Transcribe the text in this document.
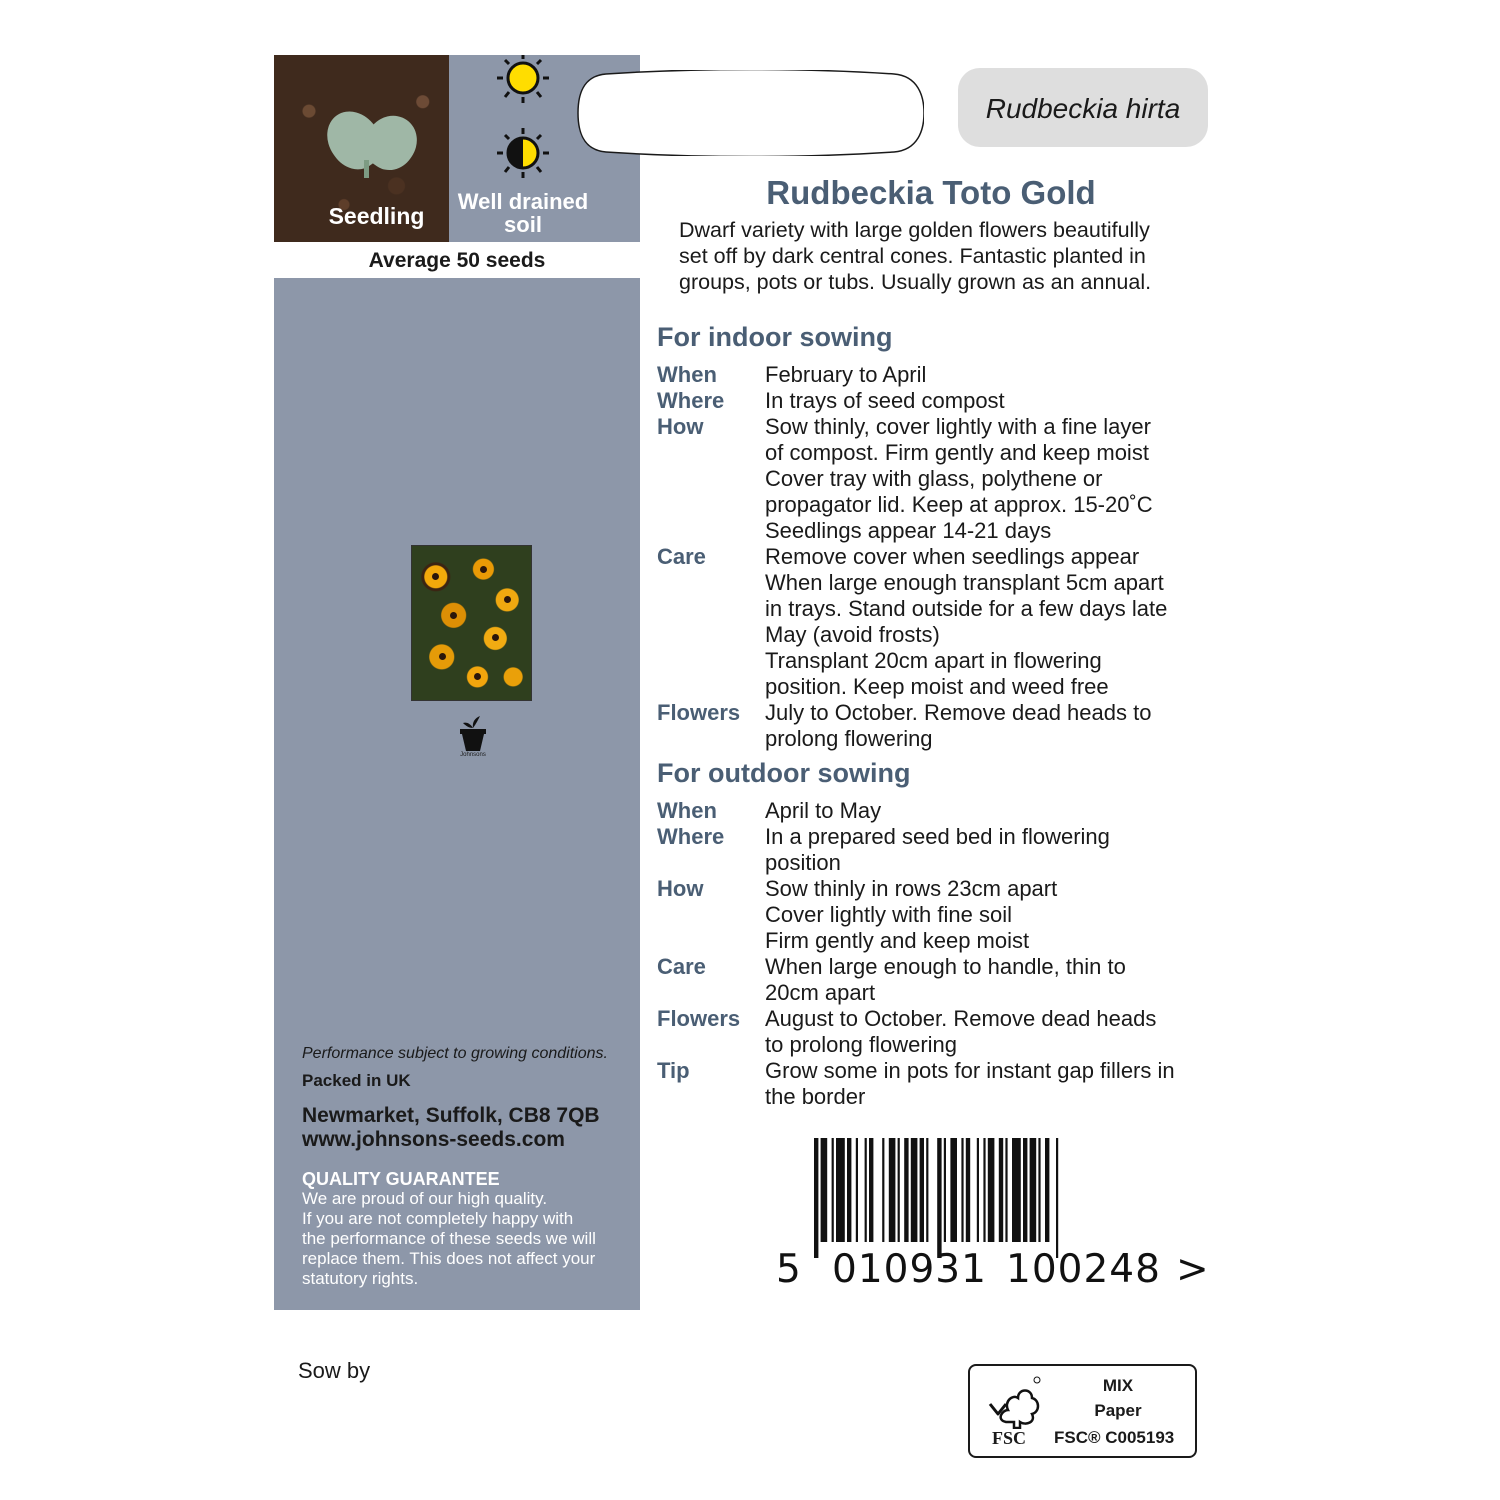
Seedling
Well drained soil
Average 50 seeds
Johnsons
Performance subject to growing conditions.
Packed in UK
Newmarket, Suffolk, CB8 7QB
www.johnsons-seeds.com
QUALITY GUARANTEE
We are proud of our high quality.
If you are not completely happy with
the performance of these seeds we will
replace them. This does not affect your
statutory rights.
Rudbeckia hirta
Rudbeckia Toto Gold
Dwarf variety with large golden flowers beautifully
set off by dark central cones. Fantastic planted in
groups, pots or tubs. Usually grown as an annual.
For indoor sowing
When	February to April
Where	In trays of seed compost
How	Sow thinly, cover lightly with a fine layer
of compost. Firm gently and keep moist
Cover tray with glass, polythene or
propagator lid. Keep at approx. 15-20˚C
Seedlings appear 14-21 days
Care	Remove cover when seedlings appear
When large enough transplant 5cm apart
in trays. Stand outside for a few days late
May (avoid frosts)
Transplant 20cm apart in flowering
position. Keep moist and weed free
Flowers	July to October. Remove dead heads to
prolong flowering
For outdoor sowing
When	April to May
Where	In a prepared seed bed in flowering
position
How	Sow thinly in rows 23cm apart
Cover lightly with fine soil
Firm gently and keep moist
Care	When large enough to handle, thin to
20cm apart
Flowers	August to October. Remove dead heads
to prolong flowering
Tip	Grow some in pots for instant gap fillers in
the border
5 010931 100248 >
Sow by
FSC
MIX
Paper
FSC® C005193
